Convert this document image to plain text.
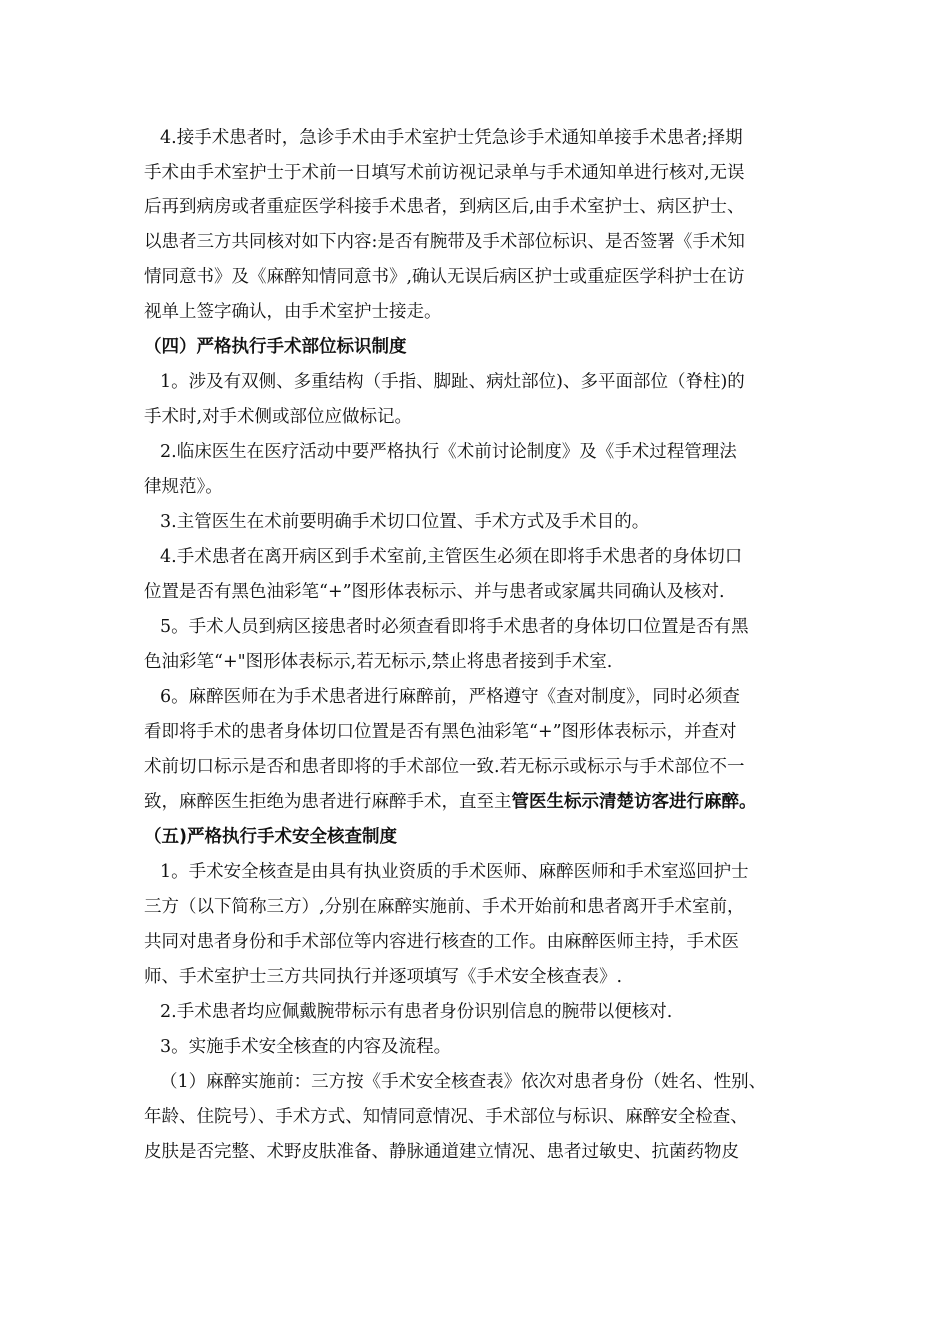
4.接手术患者时，急诊手术由手术室护士凭急诊手术通知单接手术患者;择期
手术由手术室护士于术前一日填写术前访视记录单与手术通知单进行核对,无误
后再到病房或者重症医学科接手术患者，到病区后,由手术室护士、病区护士、
以患者三方共同核对如下内容:是否有腕带及手术部位标识、是否签署《手术知
情同意书》及《麻醉知情同意书》,确认无误后病区护士或重症医学科护士在访
视单上签字确认，由手术室护士接走。
（四）严格执行手术部位标识制度
1。涉及有双侧、多重结构（手指、脚趾、病灶部位)、多平面部位（脊柱)的
手术时,对手术侧或部位应做标记。
2.临床医生在医疗活动中要严格执行《术前讨论制度》及《手术过程管理法
律规范》。
3.主管医生在术前要明确手术切口位置、手术方式及手术目的。
4.手术患者在离开病区到手术室前,主管医生必须在即将手术患者的身体切口
位置是否有黑色油彩笔“+”图形体表标示、并与患者或家属共同确认及核对.
5。手术人员到病区接患者时必须查看即将手术患者的身体切口位置是否有黑
色油彩笔“+"图形体表标示,若无标示,禁止将患者接到手术室.
6。麻醉医师在为手术患者进行麻醉前，严格遵守《查对制度》，同时必须查
看即将手术的患者身体切口位置是否有黑色油彩笔“+”图形体表标示，并查对
术前切口标示是否和患者即将的手术部位一致.若无标示或标示与手术部位不一
致，麻醉医生拒绝为患者进行麻醉手术，直至主管医生标示清楚访客进行麻醉。
（五)严格执行手术安全核查制度
1。手术安全核查是由具有执业资质的手术医师、麻醉医师和手术室巡回护士
三方（以下简称三方）,分别在麻醉实施前、手术开始前和患者离开手术室前，
共同对患者身份和手术部位等内容进行核查的工作。由麻醉医师主持，手术医
师、手术室护士三方共同执行并逐项填写《手术安全核查表》.
2.手术患者均应佩戴腕带标示有患者身份识别信息的腕带以便核对.
3。实施手术安全核查的内容及流程。
（1）麻醉实施前：三方按《手术安全核查表》依次对患者身份（姓名、性别、
年龄、住院号）、手术方式、知情同意情况、手术部位与标识、麻醉安全检查、
皮肤是否完整、术野皮肤准备、静脉通道建立情况、患者过敏史、抗菌药物皮
